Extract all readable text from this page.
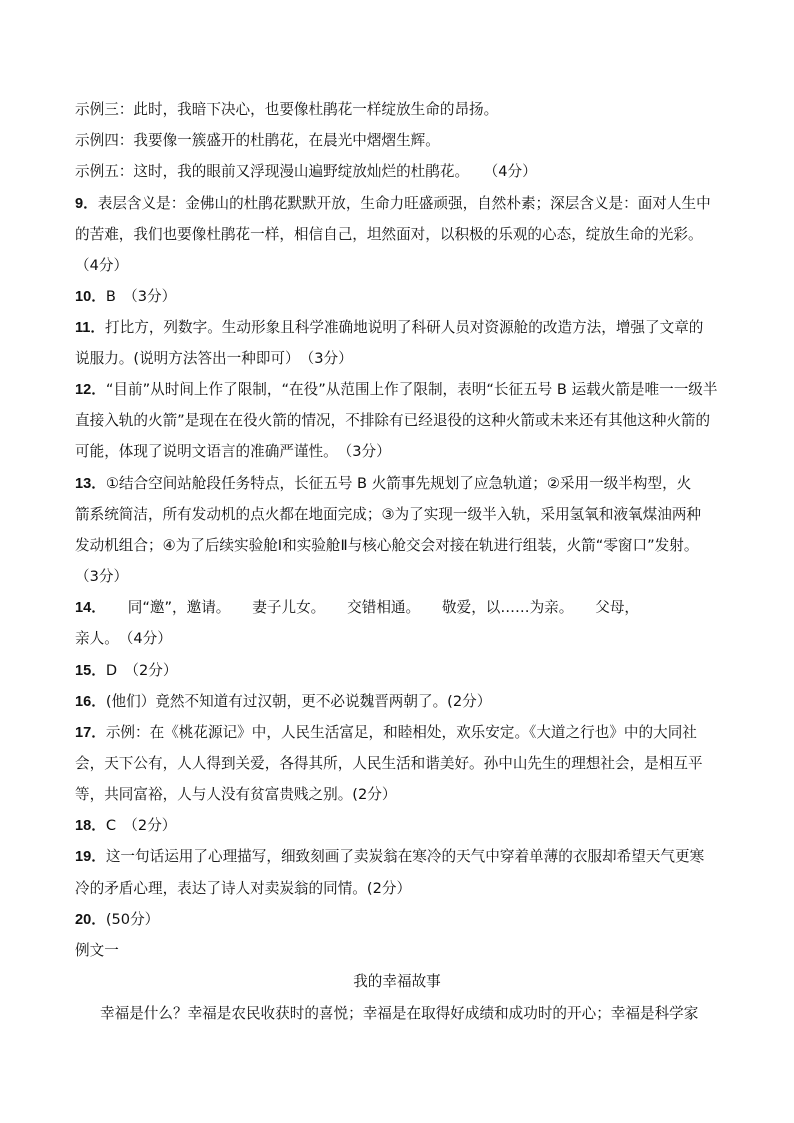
示例三：此时，我暗下决心，也要像杜鹃花一样绽放生命的昂扬。
示例四：我要像一簇盛开的杜鹃花，在晨光中熠熠生辉。
示例五：这时，我的眼前又浮现漫山遍野绽放灿烂的杜鹃花。　　（4分）
9．表层含义是：金佛山的杜鹃花默默开放，生命力旺盛顽强，自然朴素；深层含义是：面对人生中
的苦难，我们也要像杜鹃花一样，相信自己，坦然面对，以积极的乐观的心态，绽放生命的光彩。
（4分）
10．B　（3分）
11．打比方，列数字。生动形象且科学准确地说明了科研人员对资源舱的改造方法，增强了文章的
说服力。(说明方法答出一种即可）　（3分）
12．“目前”从时间上作了限制，“在役”从范围上作了限制，表明“长征五号 B 运载火箭是唯一一级半
直接入轨的火箭”是现在在役火箭的情况，不排除有已经退役的这种火箭或未来还有其他这种火箭的
可能，体现了说明文语言的准确严谨性。　（3分）
13．①结合空间站舱段任务特点，长征五号 B 火箭事先规划了应急轨道；②采用一级半构型，火
箭系统简洁，所有发动机的点火都在地面完成；③为了实现一级半入轨，采用氢氧和液氧煤油两种
发动机组合；④为了后续实验舱Ⅰ和实验舱Ⅱ与核心舱交会对接在轨进行组装，火箭“零窗口”发射。
（3分）
14．　　同“邀”，邀请。　　妻子儿女。　　交错相通。　　敬爱，以……为亲。　　父母，
亲人。　（4分）
15．D　（2分）
16．(他们）竟然不知道有过汉朝，更不必说魏晋两朝了。(2分）
17．示例：在《桃花源记》中，人民生活富足，和睦相处，欢乐安定。《大道之行也》中的大同社
会，天下公有，人人得到关爱，各得其所，人民生活和谐美好。孙中山先生的理想社会，是相互平
等，共同富裕，人与人没有贫富贵贱之别。(2分）
18．C　（2分）
19．这一句话运用了心理描写，细致刻画了卖炭翁在寒冷的天气中穿着单薄的衣服却希望天气更寒
冷的矛盾心理，表达了诗人对卖炭翁的同情。(2分）
20．(50分）
例文一
我的幸福故事
幸福是什么？幸福是农民收获时的喜悦；幸福是在取得好成绩和成功时的开心；幸福是科学家
